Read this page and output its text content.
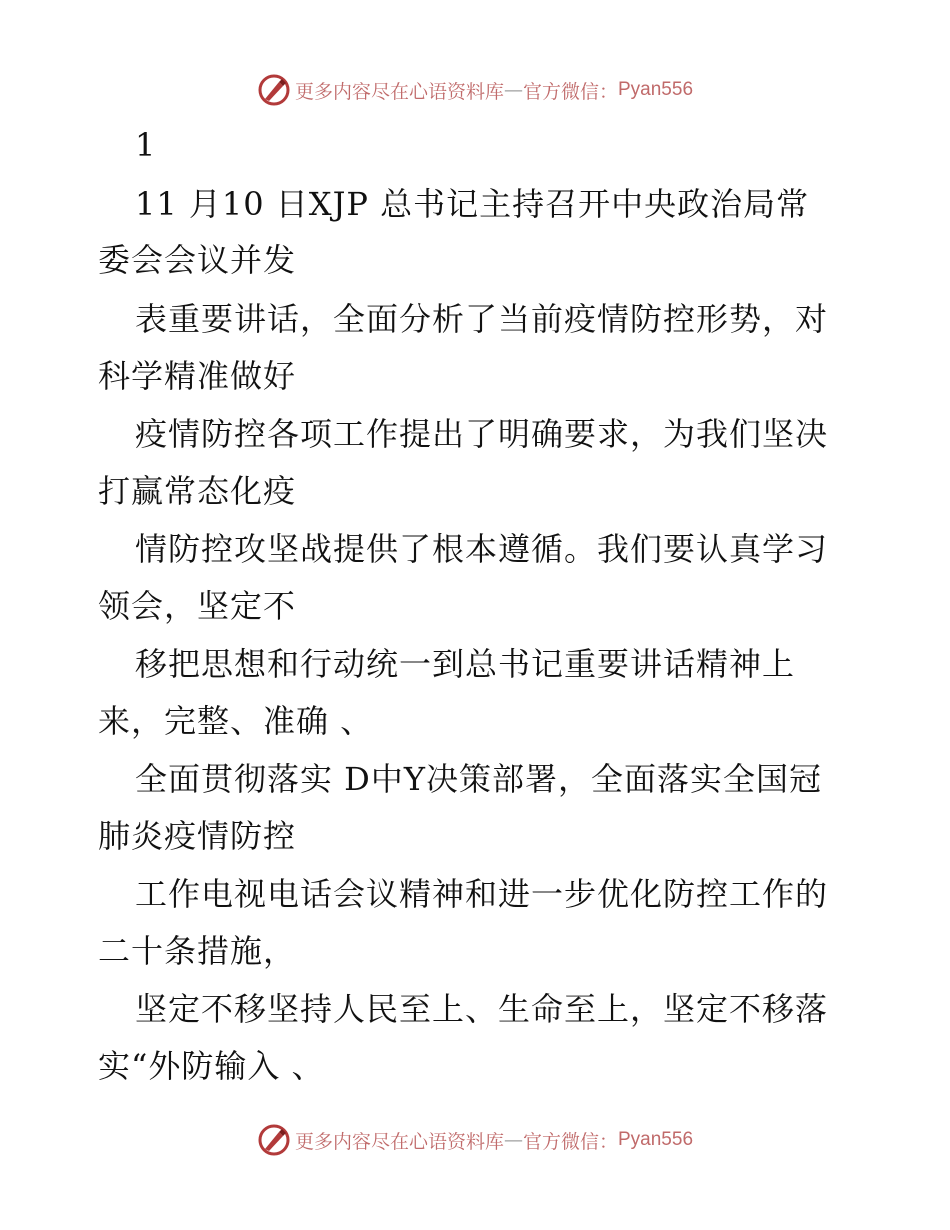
更多内容尽在心语资料库 — 官方微信： Pyan556
1
11 月10 日XJP 总书记主持召开中央政治局常
委会会议并发
表重要讲话，全面分析了当前疫情防控形势，对
科学精准做好
疫情防控各项工作提出了明确要求，为我们坚决
打赢常态化疫
情防控攻坚战提供了根本遵循。我们要认真学习
领会，坚定不
移把思想和行动统一到总书记重要讲话精神上
来，完整、准确 、
全面贯彻落实 D中Y决策部署，全面落实全国冠
肺炎疫情防控
工作电视电话会议精神和进一步优化防控工作的
二十条措施，
坚定不移坚持人民至上、生命至上，坚定不移落
实“外防输入 、
更多内容尽在心语资料库 — 官方微信： Pyan556
